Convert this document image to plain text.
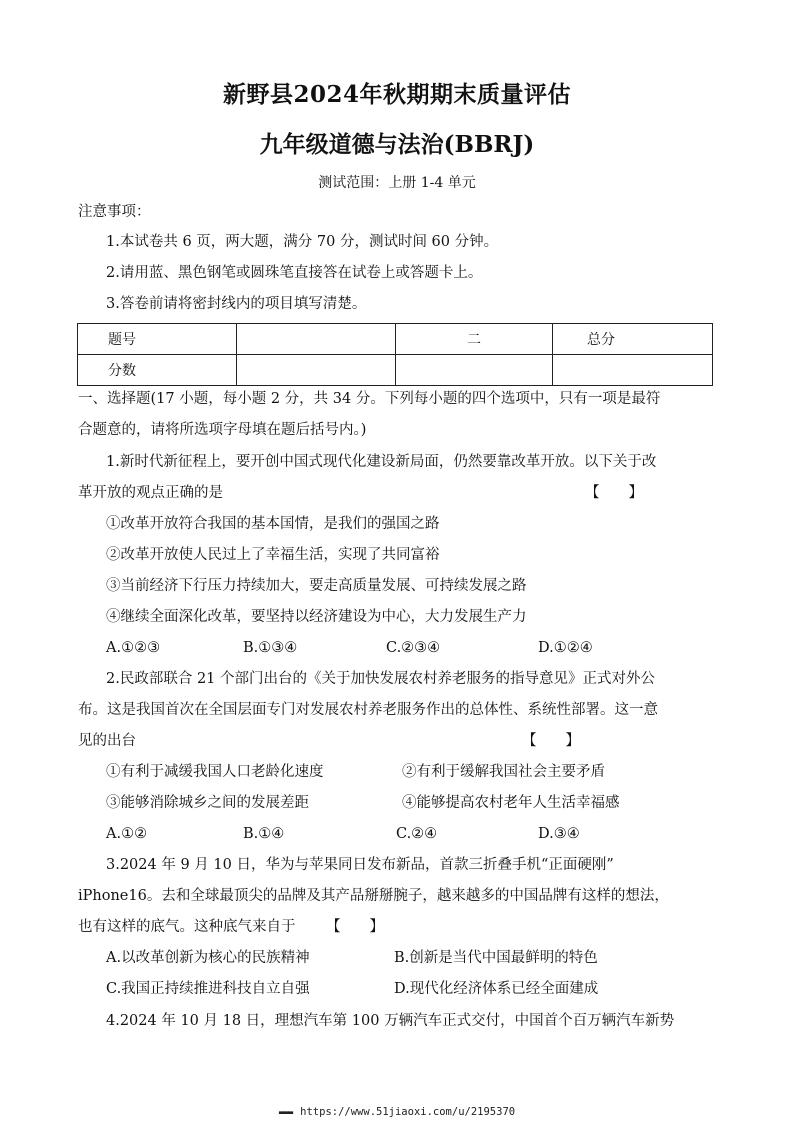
新野县2024年秋期期末质量评估
九年级道德与法治(BBRJ)
测试范围：上册 1-4 单元
注意事项：
1.本试卷共 6 页，两大题，满分 70 分，测试时间 60 分钟。
2.请用蓝、黑色钢笔或圆珠笔直接答在试卷上或答题卡上。
3.答卷前请将密封线内的项目填写清楚。
题号		二	总分
分数			
一、选择题(17 小题，每小题 2 分，共 34 分。下列每小题的四个选项中，只有一项是最符
合题意的，请将所选项字母填在题后括号内。)
1.新时代新征程上，要开创中国式现代化建设新局面，仍然要靠改革开放。以下关于改
革开放的观点正确的是	【　　】
①改革开放符合我国的基本国情，是我们的强国之路
②改革开放使人民过上了幸福生活，实现了共同富裕
③当前经济下行压力持续加大，要走高质量发展、可持续发展之路
④继续全面深化改革，要坚持以经济建设为中心，大力发展生产力
A.①②③	B.①③④	C.②③④	D.①②④
2.民政部联合 21 个部门出台的《关于加快发展农村养老服务的指导意见》正式对外公
布。这是我国首次在全国层面专门对发展农村养老服务作出的总体性、系统性部署。这一意
见的出台	【　　】
①有利于减缓我国人口老龄化速度	②有利于缓解我国社会主要矛盾
③能够消除城乡之间的发展差距	④能够提高农村老年人生活幸福感
A.①②	B.①④	C.②④	D.③④
3.2024 年 9 月 10 日，华为与苹果同日发布新品，首款三折叠手机“正面硬刚”
iPhone16。去和全球最顶尖的品牌及其产品掰掰腕子，越来越多的中国品牌有这样的想法，
也有这样的底气。这种底气来自于 【　　】
A.以改革创新为核心的民族精神	B.创新是当代中国最鲜明的特色
C.我国正持续推进科技自立自强	D.现代化经济体系已经全面建成
4.2024 年 10 月 18 日，理想汽车第 100 万辆汽车正式交付，中国首个百万辆汽车新势
▬▬▬ https://www.51jiaoxi.com/u/2195370
